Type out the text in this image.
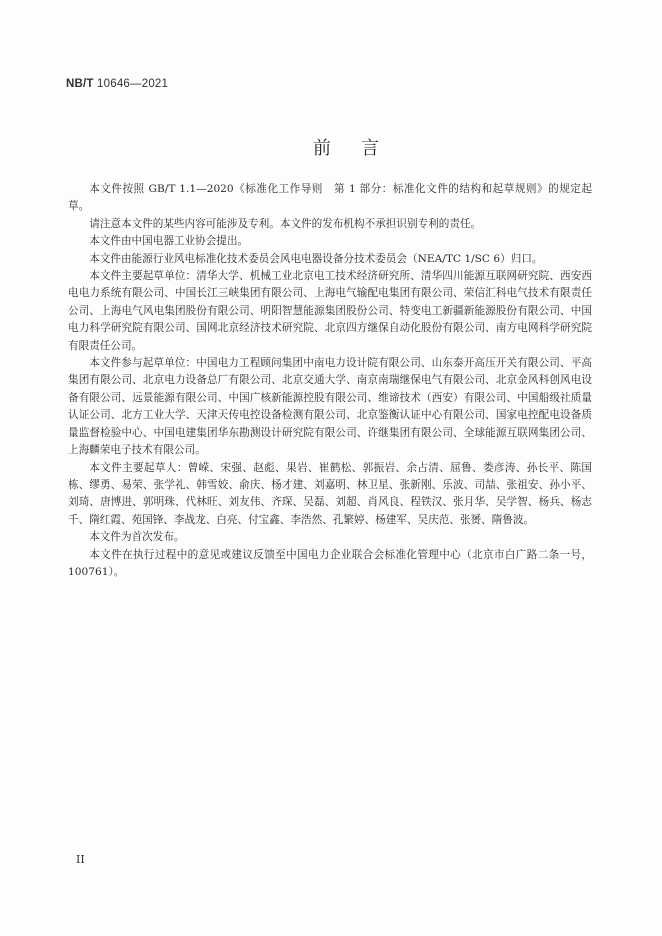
NB/T 10646—2021
前言

本文件按照 GB/T 1.1—2020《标准化工作导则　第 1 部分：标准化文件的结构和起草规则》的规定起草。

请注意本文件的某些内容可能涉及专利。本文件的发布机构不承担识别专利的责任。

本文件由中国电器工业协会提出。

本文件由能源行业风电标准化技术委员会风电电器设备分技术委员会（NEA/TC 1/SC 6）归口。

本文件主要起草单位：清华大学、机械工业北京电工技术经济研究所、清华四川能源互联网研究院、西安西电电力系统有限公司、中国长江三峡集团有限公司、上海电气输配电集团有限公司、荣信汇科电气技术有限责任公司、上海电气风电集团股份有限公司、明阳智慧能源集团股份公司、特变电工新疆新能源股份有限公司、中国电力科学研究院有限公司、国网北京经济技术研究院、北京四方继保自动化股份有限公司、南方电网科学研究院有限责任公司。

本文件参与起草单位：中国电力工程顾问集团中南电力设计院有限公司、山东泰开高压开关有限公司、平高集团有限公司、北京电力设备总厂有限公司、北京交通大学、南京南瑞继保电气有限公司、北京金风科创风电设备有限公司、远景能源有限公司、中国广核新能源控股有限公司、维谛技术（西安）有限公司、中国船级社质量认证公司、北方工业大学、天津天传电控设备检测有限公司、北京鉴衡认证中心有限公司、国家电控配电设备质量监督检验中心、中国电建集团华东勘测设计研究院有限公司、许继集团有限公司、全球能源互联网集团公司、上海麟荣电子技术有限公司。

本文件主要起草人：曾嵘、宋强、赵彪、果岩、崔鹤松、郭振岩、余占清、屈鲁、娄彦涛、孙长平、陈国栋、缪勇、易荣、张学礼、韩雪姣、俞庆、杨才建、刘嘉明、林卫星、张新刚、乐波、司喆、张祖安、孙小平、刘琦、唐博进、郭明珠、代林旺、刘友伟、齐琛、吴磊、刘超、肖风良、程铁汉、张月华、吴学智、杨兵、杨志千、隋红霞、苑国锋、李战龙、白亮、付宝鑫、李浩然、孔繁婷、杨建军、吴庆范、张赟、隋鲁波。

本文件为首次发布。

本文件在执行过程中的意见或建议反馈至中国电力企业联合会标准化管理中心（北京市白广路二条一号，100761）。

II
